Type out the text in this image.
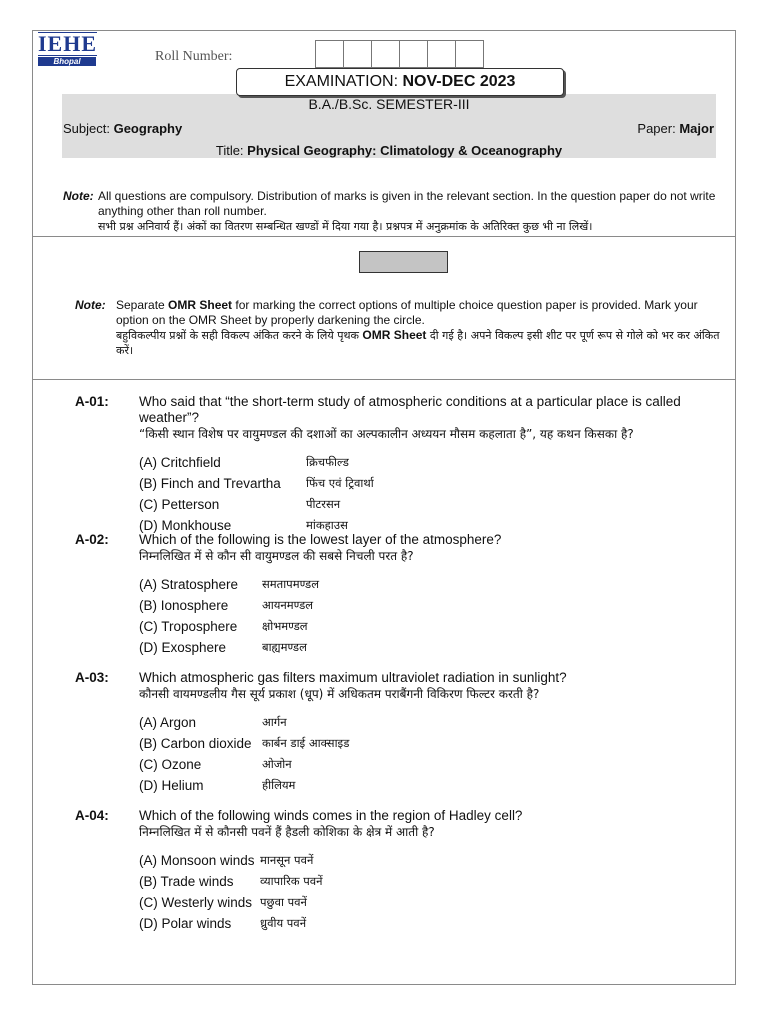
IEHE
Bhopal	Roll Number:
EXAMINATION: NOV-DEC 2023
B.A./B.Sc. SEMESTER-III
Subject: Geography	Paper: Major
Title: Physical Geography: Climatology & Oceanography
Note: All questions are compulsory. Distribution of marks is given in the relevant section. In the question paper do not write anything other than roll number.
सभी प्रश्न अनिवार्य हैं। अंकों का वितरण सम्बन्धित खण्डों में दिया गया है। प्रश्नपत्र में अनुक्रमांक के अतिरिक्त कुछ भी ना लिखें।
Note: Separate OMR Sheet for marking the correct options of multiple choice question paper is provided. Mark your option on the OMR Sheet by properly darkening the circle.
बहुविकल्पीय प्रश्नों के सही विकल्प अंकित करने के लिये पृथक OMR Sheet दी गई है। अपने विकल्प इसी शीट पर पूर्ण रूप से गोले को भर कर अंकित करें।
A-01: Who said that “the short-term study of atmospheric conditions at a particular place is called weather”?
“किसी स्थान विशेष पर वायुमण्डल की दशाओं का अल्पकालीन अध्ययन मौसम कहलाता है”, यह कथन किसका है?
(A) Critchfield	क्रिचफील्ड
(B) Finch and Trevartha	फिंच एवं ट्रिवार्था
(C) Petterson	पीटरसन
(D) Monkhouse	मांकहाउस
A-02: Which of the following is the lowest layer of the atmosphere?
निम्नलिखित में से कौन सी वायुमण्डल की सबसे निचली परत है?
(A) Stratosphere	समतापमण्डल
(B) Ionosphere	आयनमण्डल
(C) Troposphere	क्षोभमण्डल
(D) Exosphere	बाह्यमण्डल
A-03: Which atmospheric gas filters maximum ultraviolet radiation in sunlight?
कौनसी वायमण्डलीय गैस सूर्य प्रकाश (धूप) में अधिकतम पराबैंगनी विकिरण फिल्टर करती है?
(A) Argon	आर्गन
(B) Carbon dioxide कार्बन डाई आक्साइड
(C) Ozone	ओजोन
(D) Helium	हीलियम
A-04: Which of the following winds comes in the region of Hadley cell?
निम्नलिखित में से कौनसी पवनें हैं हैडली कोशिका के क्षेत्र में आती है?
(A) Monsoon winds मानसून पवनें
(B) Trade winds	व्यापारिक पवनें
(C) Westerly winds पछुवा पवनें
(D) Polar winds	ध्रुवीय पवनें
